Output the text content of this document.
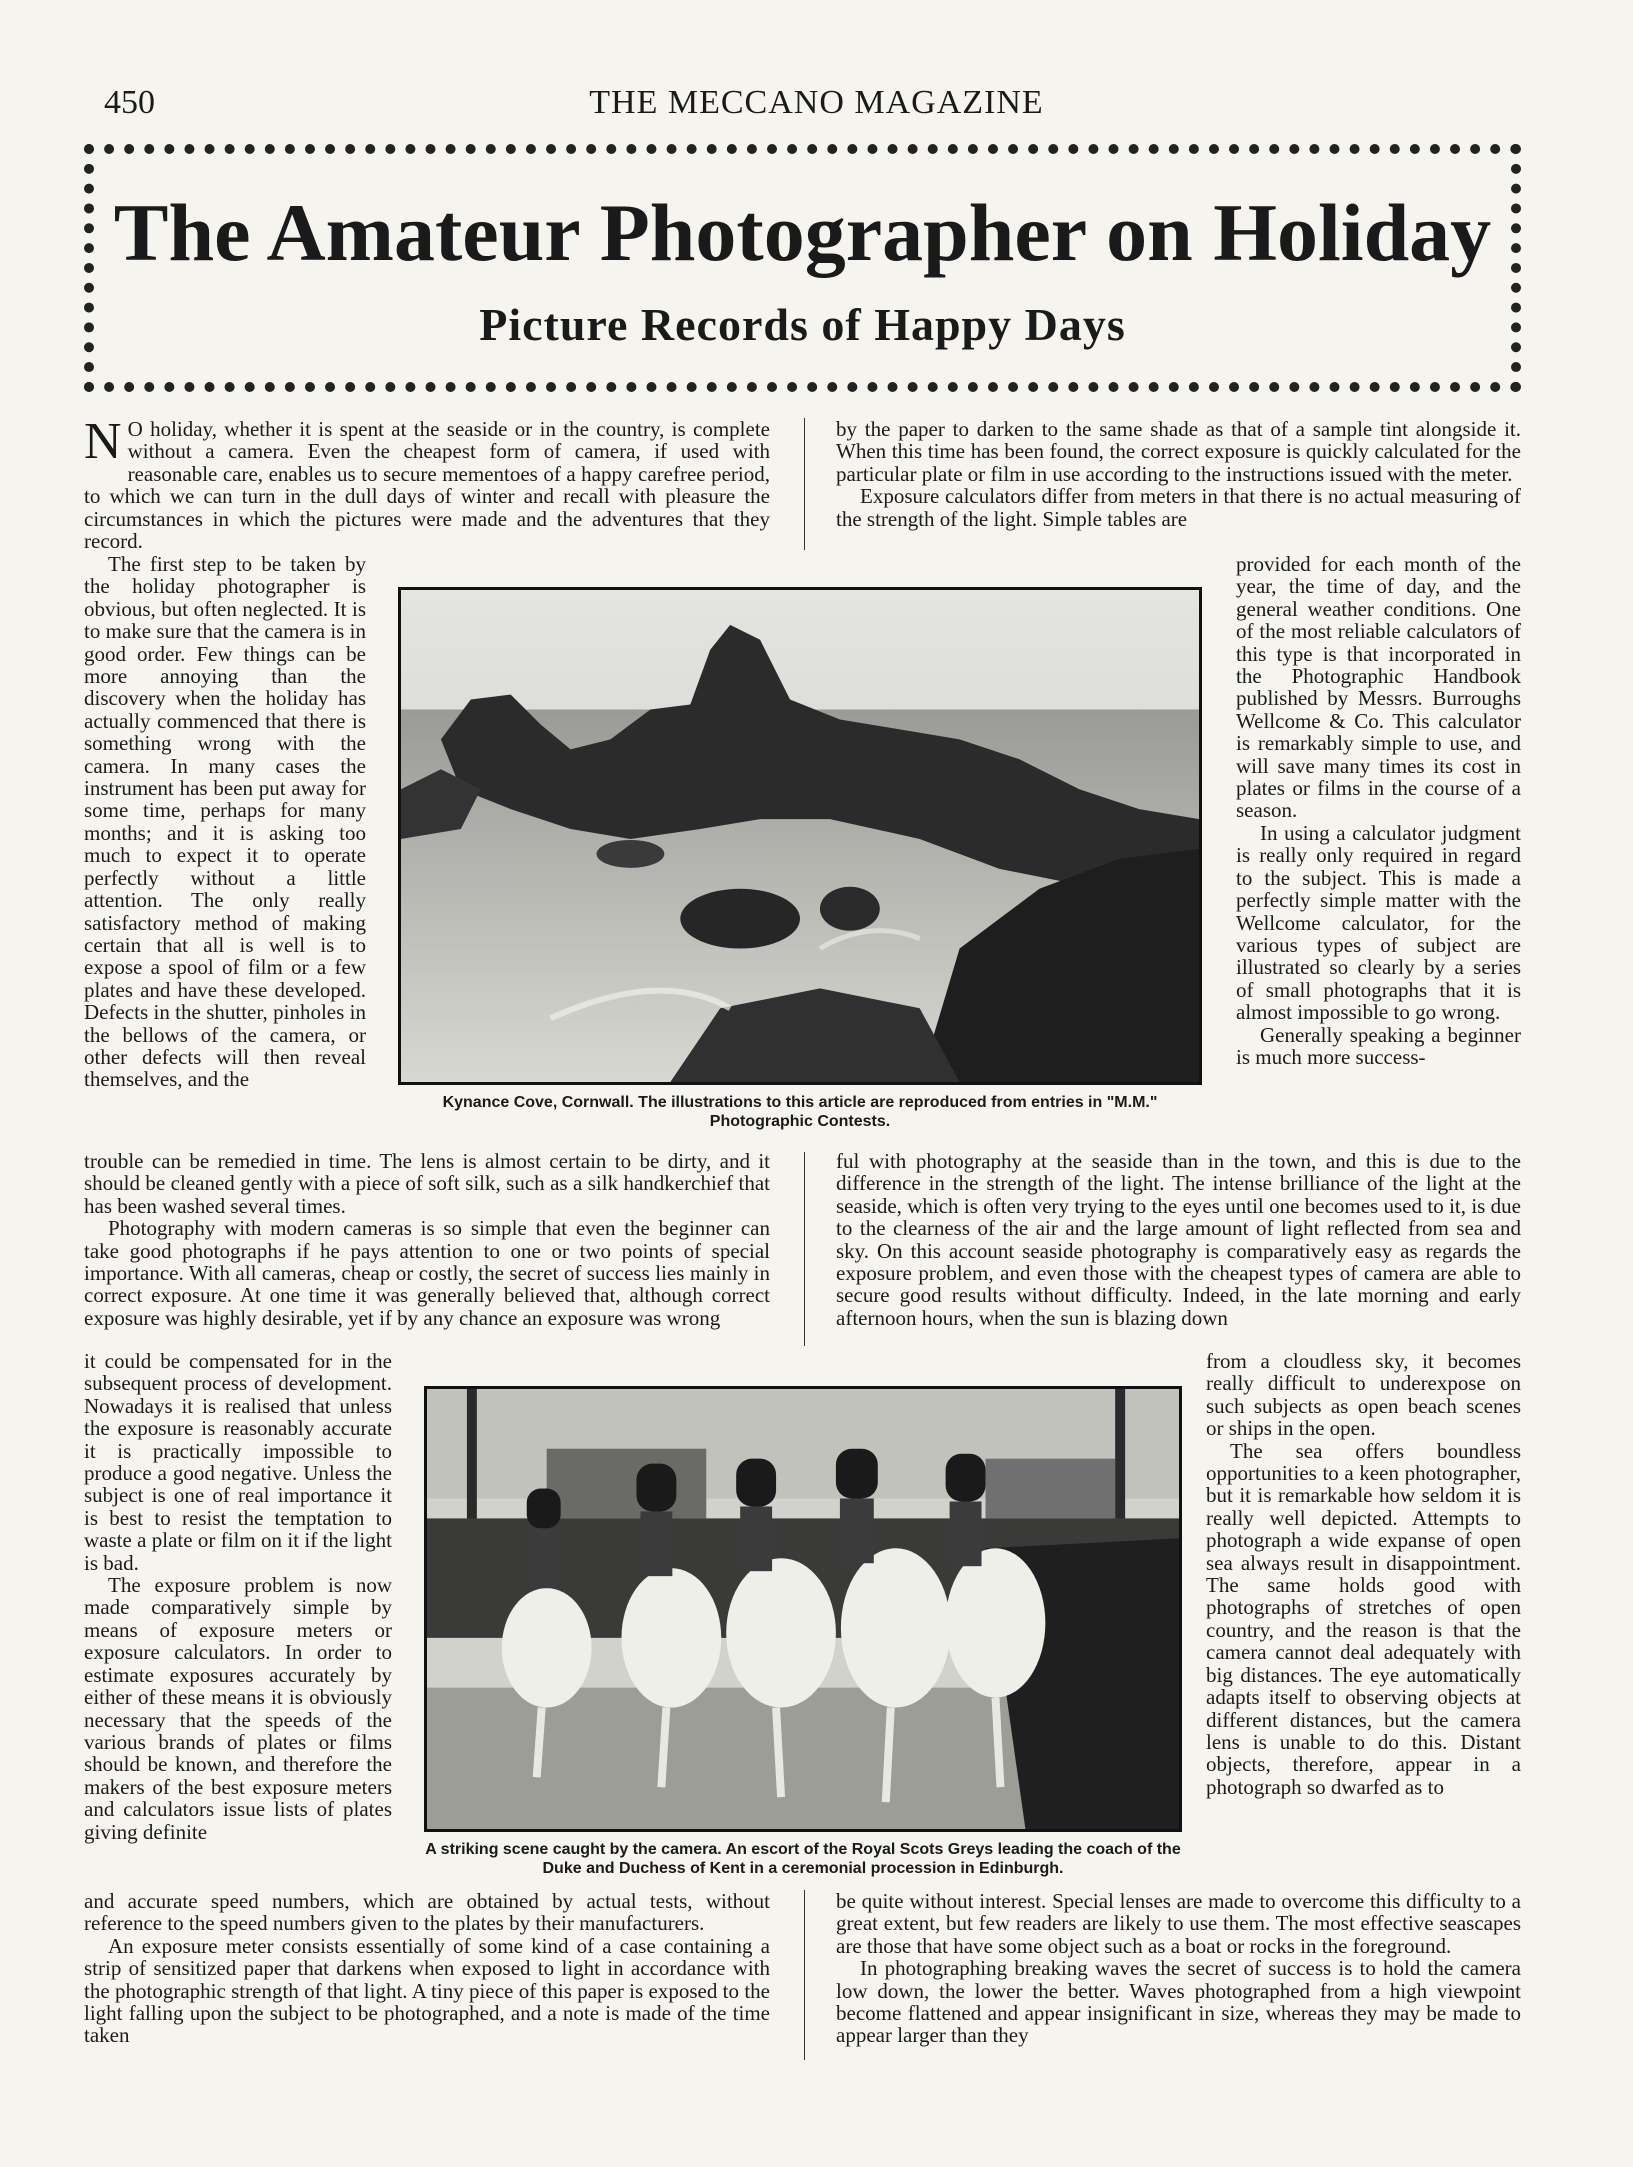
450	THE MECCANO MAGAZINE
The Amateur Photographer on Holiday
Picture Records of Happy Days

N O holiday, whether it is spent at the seaside or in the country, is complete without a camera. Even the cheapest form of camera, if used with reasonable care, enables us to secure mementoes of a happy carefree period, to which we can turn in the dull days of winter and recall with pleasure the circumstances in which the pictures were made and the adventures that they record.

by the paper to darken to the same shade as that of a sample tint alongside it. When this time has been found, the correct exposure is quickly calculated for the particular plate or film in use according to the instructions issued with the meter.

Exposure calculators differ from meters in that there is no actual measuring of the strength of the light. Simple tables are

The first step to be taken by the holiday photographer is obvious, but often neglected. It is to make sure that the camera is in good order. Few things can be more annoying than the discovery when the holiday has actually commenced that there is something wrong with the camera. In many cases the instrument has been put away for some time, perhaps for many months; and it is asking too much to expect it to operate perfectly without a little attention. The only really satisfactory method of making certain that all is well is to expose a spool of film or a few plates and have these developed. Defects in the shutter, pinholes in the bellows of the camera, or other defects will then reveal themselves, and the

provided for each month of the year, the time of day, and the general weather conditions. One of the most reliable calculators of this type is that incorporated in the Photographic Handbook published by Messrs. Burroughs Wellcome & Co. This calculator is remarkably simple to use, and will save many times its cost in plates or films in the course of a season.

In using a calculator judgment is really only required in regard to the subject. This is made a perfectly simple matter with the Wellcome calculator, for the various types of subject are illustrated so clearly by a series of small photographs that it is almost impossible to go wrong.

Generally speaking a beginner is much more success-

Kynance Cove, Cornwall. The illustrations to this article are reproduced from entries in "M.M." Photographic Contests.

trouble can be remedied in time. The lens is almost certain to be dirty, and it should be cleaned gently with a piece of soft silk, such as a silk handkerchief that has been washed several times.

Photography with modern cameras is so simple that even the beginner can take good photographs if he pays attention to one or two points of special importance. With all cameras, cheap or costly, the secret of success lies mainly in correct exposure. At one time it was generally believed that, although correct exposure was highly desirable, yet if by any chance an exposure was wrong

ful with photography at the seaside than in the town, and this is due to the difference in the strength of the light. The intense brilliance of the light at the seaside, which is often very trying to the eyes until one becomes used to it, is due to the clearness of the air and the large amount of light reflected from sea and sky. On this account seaside photography is comparatively easy as regards the exposure problem, and even those with the cheapest types of camera are able to secure good results without difficulty. Indeed, in the late morning and early afternoon hours, when the sun is blazing down

it could be compensated for in the subsequent process of development. Nowadays it is realised that unless the exposure is reasonably accurate it is practically impossible to produce a good negative. Unless the subject is one of real importance it is best to resist the temptation to waste a plate or film on it if the light is bad.

The exposure problem is now made comparatively simple by means of exposure meters or exposure calculators. In order to estimate exposures accurately by either of these means it is obviously necessary that the speeds of the various brands of plates or films should be known, and therefore the makers of the best exposure meters and calculators issue lists of plates giving definite

from a cloudless sky, it becomes really difficult to underexpose on such subjects as open beach scenes or ships in the open.

The sea offers boundless opportunities to a keen photographer, but it is remarkable how seldom it is really well depicted. Attempts to photograph a wide expanse of open sea always result in disappointment. The same holds good with photographs of stretches of open country, and the reason is that the camera cannot deal adequately with big distances. The eye automatically adapts itself to observing objects at different distances, but the camera lens is unable to do this. Distant objects, therefore, appear in a photograph so dwarfed as to

A striking scene caught by the camera. An escort of the Royal Scots Greys leading the coach of the Duke and Duchess of Kent in a ceremonial procession in Edinburgh.

and accurate speed numbers, which are obtained by actual tests, without reference to the speed numbers given to the plates by their manufacturers.

An exposure meter consists essentially of some kind of a case containing a strip of sensitized paper that darkens when exposed to light in accordance with the photographic strength of that light. A tiny piece of this paper is exposed to the light falling upon the subject to be photographed, and a note is made of the time taken

be quite without interest. Special lenses are made to overcome this difficulty to a great extent, but few readers are likely to use them. The most effective seascapes are those that have some object such as a boat or rocks in the foreground.

In photographing breaking waves the secret of success is to hold the camera low down, the lower the better. Waves photographed from a high viewpoint become flattened and appear insignificant in size, whereas they may be made to appear larger than they
